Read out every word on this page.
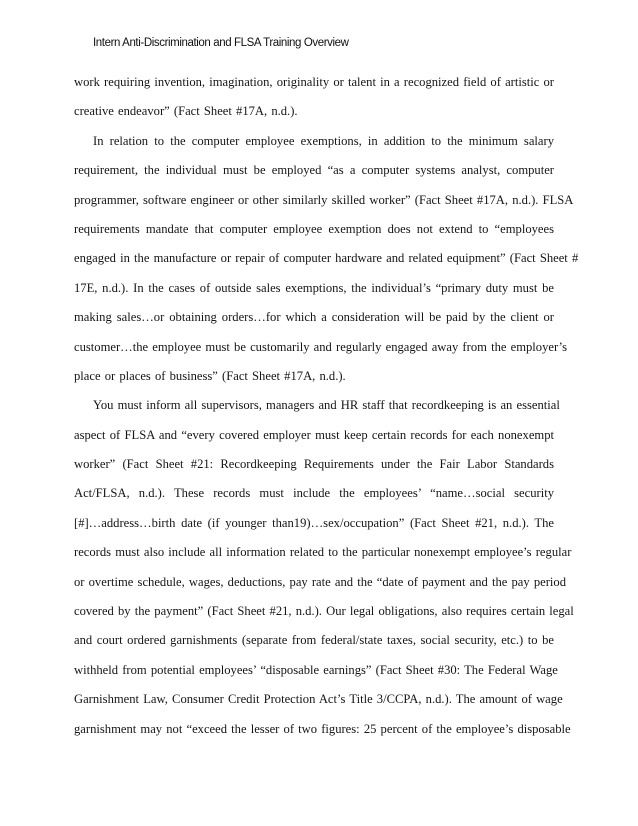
Intern Anti-Discrimination and FLSA Training Overview
work requiring invention, imagination, originality or talent in a recognized field of artistic or
creative endeavor” (Fact Sheet #17A, n.d.).
In relation to the computer employee exemptions, in addition to the minimum salary
requirement, the individual must be employed “as a computer systems analyst, computer
programmer, software engineer or other similarly skilled worker” (Fact Sheet #17A, n.d.). FLSA
requirements mandate that computer employee exemption does not extend to “employees
engaged in the manufacture or repair of computer hardware and related equipment” (Fact Sheet #
17E, n.d.). In the cases of outside sales exemptions, the individual’s “primary duty must be
making sales…or obtaining orders…for which a consideration will be paid by the client or
customer…the employee must be customarily and regularly engaged away from the employer’s
place or places of business” (Fact Sheet #17A, n.d.).
You must inform all supervisors, managers and HR staff that recordkeeping is an essential
aspect of FLSA and “every covered employer must keep certain records for each nonexempt
worker” (Fact Sheet #21: Recordkeeping Requirements under the Fair Labor Standards
Act/FLSA, n.d.). These records must include the employees’ “name…social security
[#]…address…birth date (if younger than19)…sex/occupation” (Fact Sheet #21, n.d.). The
records must also include all information related to the particular nonexempt employee’s regular
or overtime schedule, wages, deductions, pay rate and the “date of payment and the pay period
covered by the payment” (Fact Sheet #21, n.d.). Our legal obligations, also requires certain legal
and court ordered garnishments (separate from federal/state taxes, social security, etc.) to be
withheld from potential employees’ “disposable earnings” (Fact Sheet #30: The Federal Wage
Garnishment Law, Consumer Credit Protection Act’s Title 3/CCPA, n.d.). The amount of wage
garnishment may not “exceed the lesser of two figures: 25 percent of the employee’s disposable
